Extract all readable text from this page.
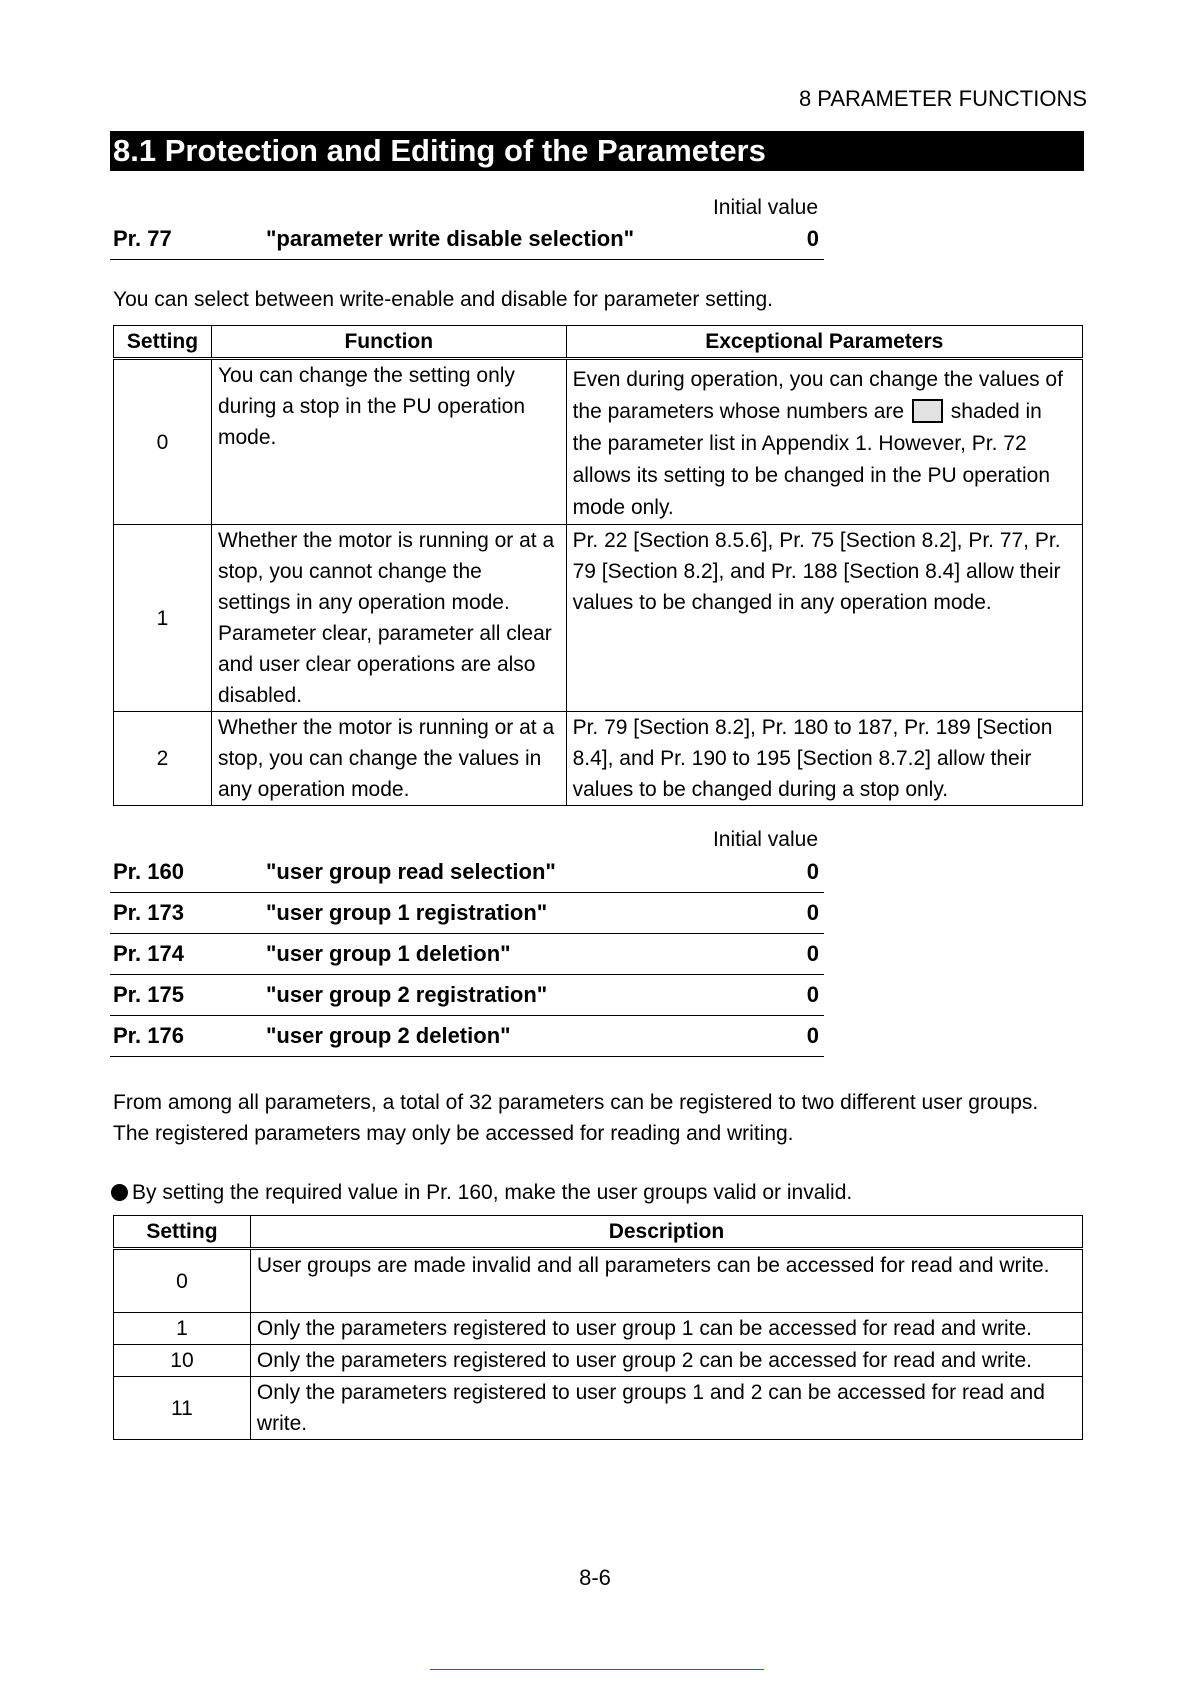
8 PARAMETER FUNCTIONS
8.1 Protection and Editing of the Parameters
Initial value
Pr. 77	"parameter write disable selection"	0
You can select between write-enable and disable for parameter setting.
Setting	Function	Exceptional Parameters
0	You can change the setting only during a stop in the PU operation mode.	Even during operation, you can change the values of the parameters whose numbers are shaded in the parameter list in Appendix 1. However, Pr. 72 allows its setting to be changed in the PU operation mode only.
1	Whether the motor is running or at a stop, you cannot change the settings in any operation mode. Parameter clear, parameter all clear and user clear operations are also disabled.	Pr. 22 [Section 8.5.6], Pr. 75 [Section 8.2], Pr. 77, Pr. 79 [Section 8.2], and Pr. 188 [Section 8.4] allow their values to be changed in any operation mode.
2	Whether the motor is running or at a stop, you can change the values in any operation mode.	Pr. 79 [Section 8.2], Pr. 180 to 187, Pr. 189 [Section 8.4], and Pr. 190 to 195 [Section 8.7.2] allow their values to be changed during a stop only.
Initial value
Pr. 160	"user group read selection"	0
Pr. 173	"user group 1 registration"	0
Pr. 174	"user group 1 deletion"	0
Pr. 175	"user group 2 registration"	0
Pr. 176	"user group 2 deletion"	0
From among all parameters, a total of 32 parameters can be registered to two different user groups.
The registered parameters may only be accessed for reading and writing.
By setting the required value in Pr. 160, make the user groups valid or invalid.
Setting	Description
0	User groups are made invalid and all parameters can be accessed for read and write.
1	Only the parameters registered to user group 1 can be accessed for read and write.
10	Only the parameters registered to user group 2 can be accessed for read and write.
11	Only the parameters registered to user groups 1 and 2 can be accessed for read and write.
8-6
